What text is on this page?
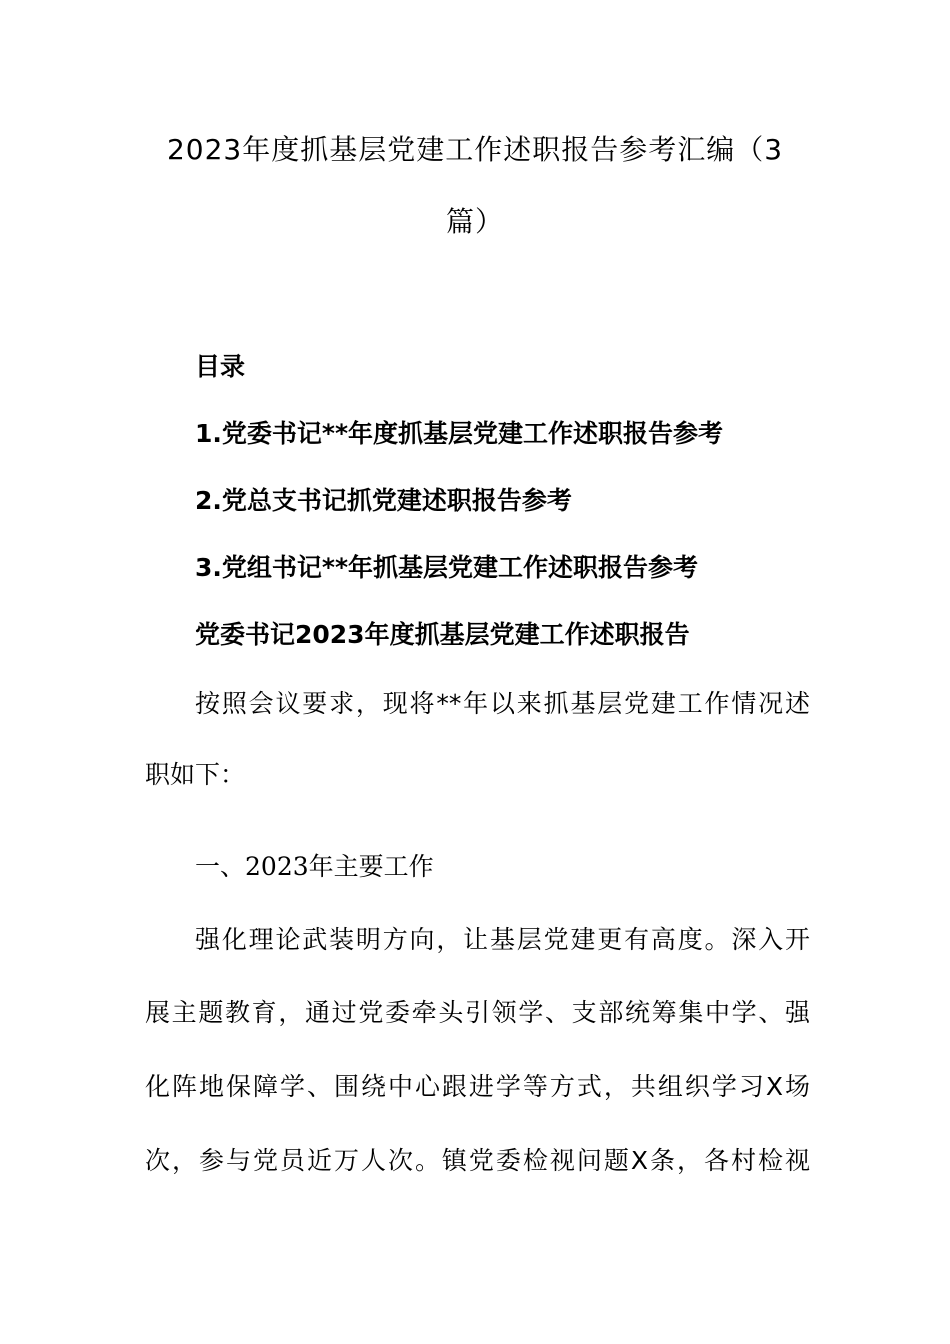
2023年度抓基层党建工作述职报告参考汇编（3
篇）
目录
1.党委书记**年度抓基层党建工作述职报告参考
2.党总支书记抓党建述职报告参考
3.党组书记**年抓基层党建工作述职报告参考
党委书记2023年度抓基层党建工作述职报告
按照会议要求，现将**年以来抓基层党建工作情况述
职如下：
一、2023年主要工作
强化理论武装明方向，让基层党建更有高度。深入开
展主题教育，通过党委牵头引领学、支部统筹集中学、强
化阵地保障学、围绕中心跟进学等方式，共组织学习X场
次，参与党员近万人次。镇党委检视问题X条，各村检视
